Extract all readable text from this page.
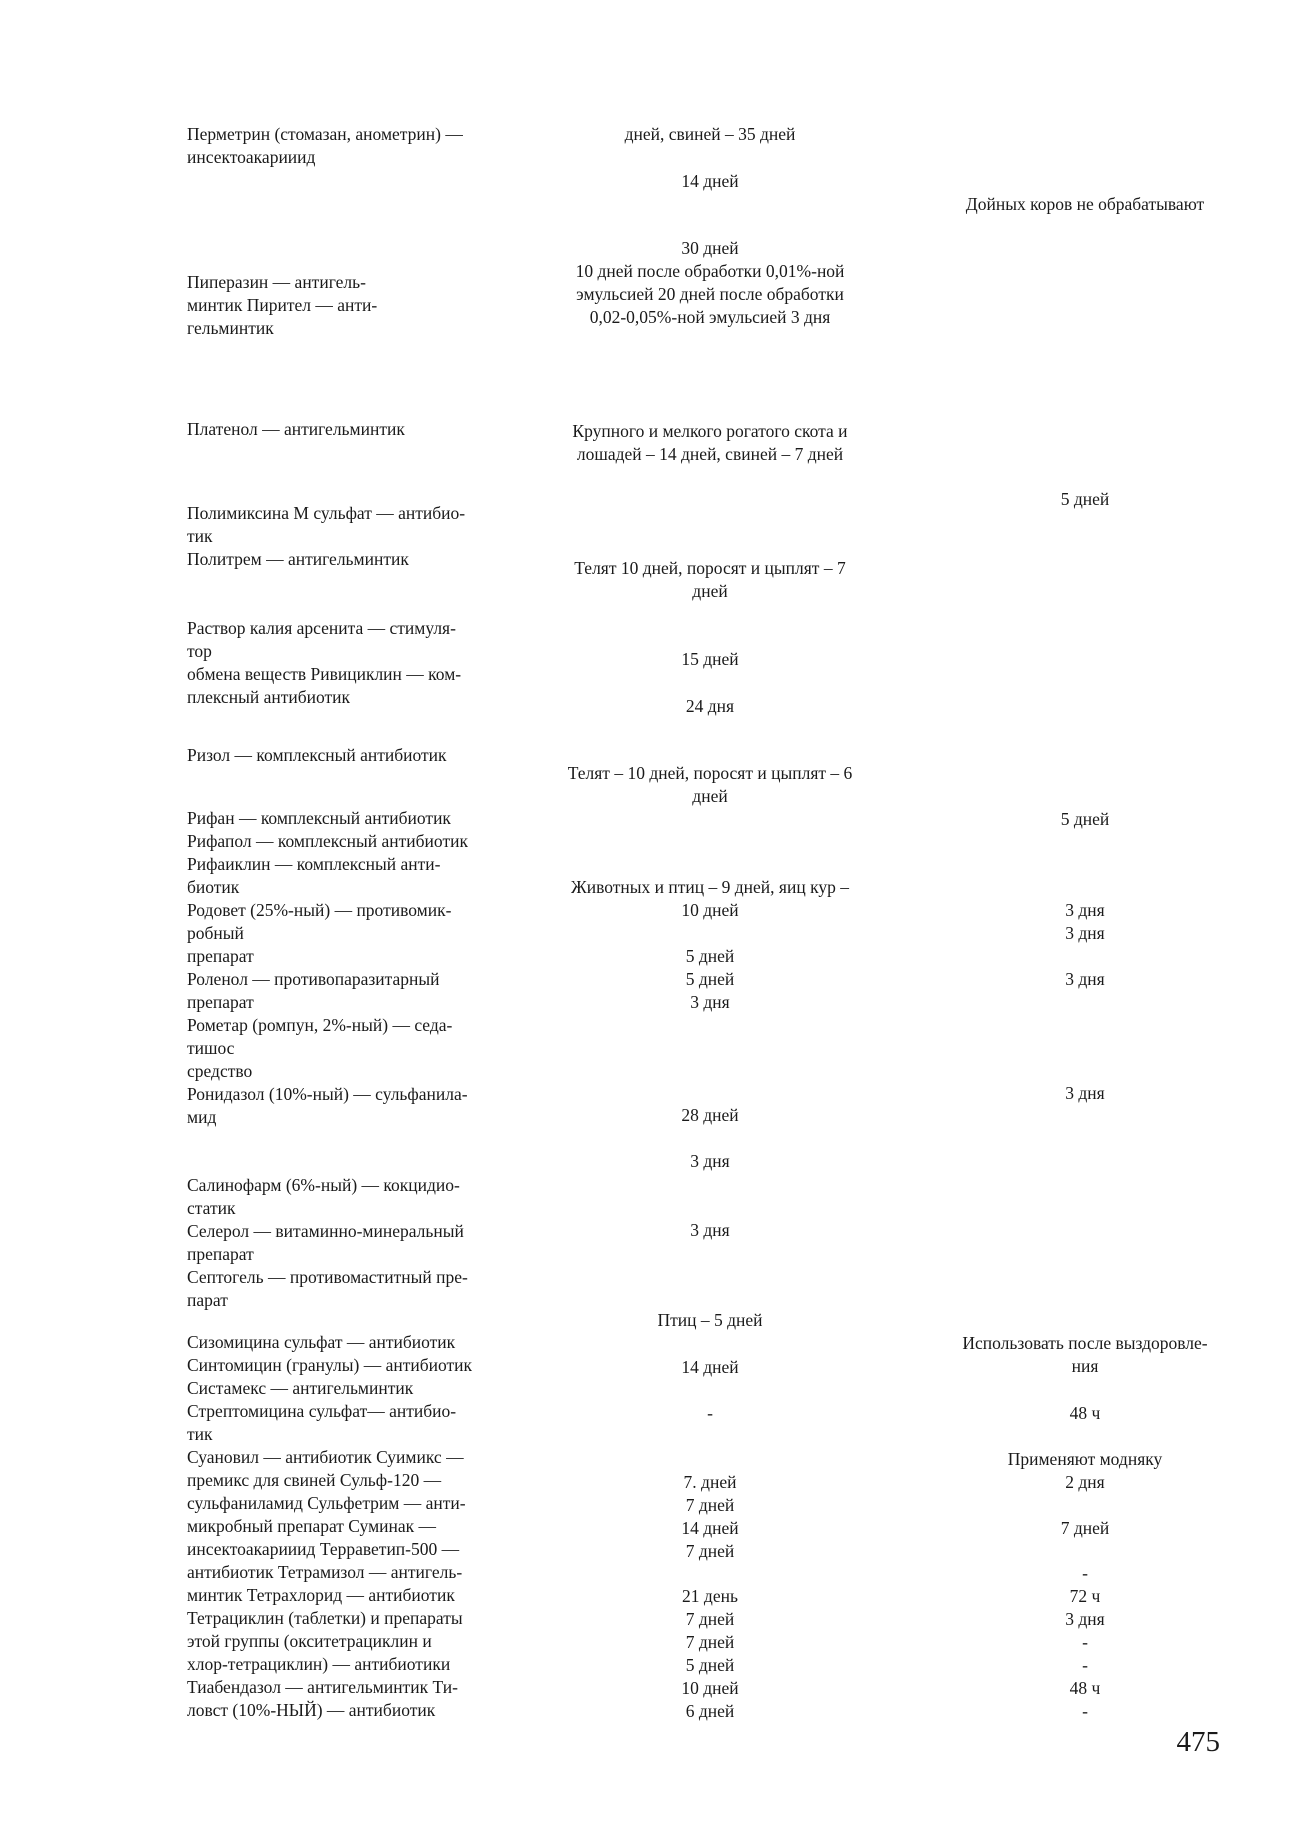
Перметрин (стомазан, анометрин) —

инсектоакарииид

Пиперазин — антигель-

минтик Пирител — анти-

гельминтик

Платенол — антигельминтик

Полимиксина М сульфат — антибио-

тик

Политрем — антигельминтик

Раствор калия арсенита — стимуля-

тор

обмена веществ Ривициклин — ком-

плексный антибиотик

Ризол — комплексный антибиотик

Рифан — комплексный антибиотик

Рифапол — комплексный антибиотик

Рифаиклин — комплексный анти-

биотик

Родовет (25%-ный) — противомик-

робный

препарат

Роленол — противопаразитарный

препарат

Рометар (ромпун, 2%-ный) — седа-

тишос

средство

Ронидазол (10%-ный) — сульфанила-

мид

Салинофарм (6%-ный) — кокцидио-

статик

Селерол — витаминно-минеральный

препарат

Септогель — противомаститный пре-

парат

Сизомицина сульфат — антибиотик

Синтомицин (гранулы) — антибиотик

Систамекс — антигельминтик

Стрептомицина сульфат— антибио-

тик

Суановил — антибиотик Суимикс —

премикс для свиней Сульф-120 —

сульфаниламид Сульфетрим — анти-

микробный препарат Суминак —

инсектоакарииид Терраветип-500 —

антибиотик Тетрамизол — антигель-

минтик Тетрахлорид — антибиотик

Тетрациклин (таблетки) и препараты

этой группы (окситетрациклин и

хлор-тетрациклин) — антибиотики

Тиабендазол — антигельминтик Ти-

ловст (10%-НЫЙ) — антибиотик

дней, свиней – 35 дней

14 дней

30 дней

10 дней после обработки 0,01%-ной

эмульсией 20 дней после обработки

0,02-0,05%-ной эмульсией 3 дня

Крупного и мелкого рогатого скота и

лошадей – 14 дней, свиней – 7 дней

Телят 10 дней, поросят и цыплят – 7

дней

15 дней

24 дня

Телят – 10 дней, поросят и цыплят – 6

дней

Животных и птиц – 9 дней, яиц кур –

10 дней

5 дней

5 дней

3 дня

28 дней

3 дня

3 дня

Птиц – 5 дней

14 дней

-

7. дней

7 дней

14 дней

7 дней

21 день

7 дней

7 дней

5 дней

10 дней

6 дней

Дойных коров не обрабатывают

5 дней

5 дней

3 дня

3 дня

3 дня

3 дня

Использовать после выздоровле-

ния

48 ч

Применяют модняку

2 дня

7 дней

-

72 ч

3 дня

-

-

48 ч

-

475
